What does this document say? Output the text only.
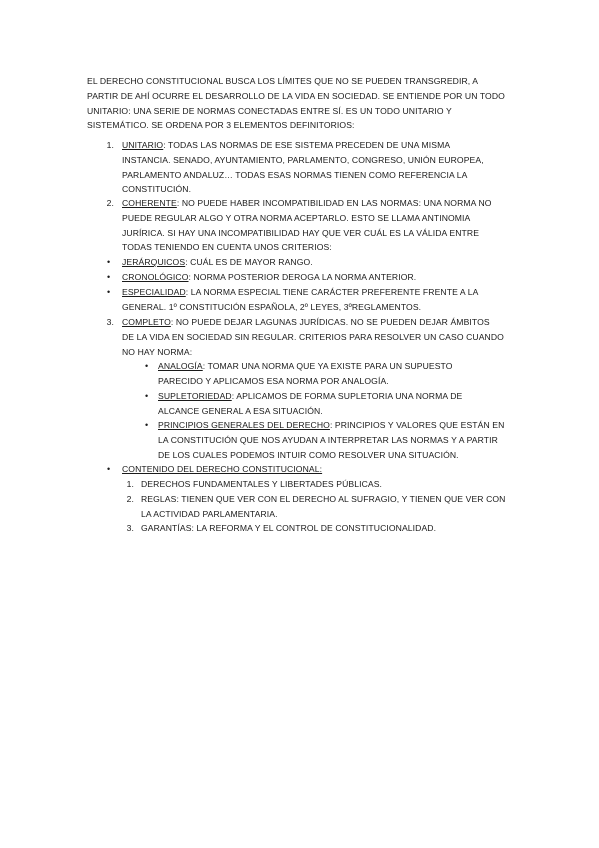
EL DERECHO CONSTITUCIONAL BUSCA LOS LÍMITES QUE NO SE PUEDEN TRANSGREDIR, A

PARTIR DE AHÍ OCURRE EL DESARROLLO DE LA VIDA EN SOCIEDAD. SE ENTIENDE POR UN TODO

UNITARIO: UNA SERIE DE NORMAS CONECTADAS ENTRE SÍ. ES UN TODO UNITARIO Y

SISTEMÁTICO. SE ORDENA POR 3 ELEMENTOS DEFINITORIOS:

1. UNITARIO: TODAS LAS NORMAS DE ESE SISTEMA PRECEDEN DE UNA MISMA

INSTANCIA. SENADO, AYUNTAMIENTO, PARLAMENTO, CONGRESO, UNIÓN EUROPEA,

PARLAMENTO ANDALUZ… TODAS ESAS NORMAS TIENEN COMO REFERENCIA LA

CONSTITUCIÓN.

2. COHERENTE: NO PUEDE HABER INCOMPATIBILIDAD EN LAS NORMAS: UNA NORMA NO

PUEDE REGULAR ALGO Y OTRA NORMA ACEPTARLO. ESTO SE LLAMA ANTINOMIA

JURÍRICA. SI HAY UNA INCOMPATIBILIDAD HAY QUE VER CUÁL ES LA VÁLIDA ENTRE

TODAS TENIENDO EN CUENTA UNOS CRITERIOS:

• JERÁRQUICOS: CUÁL ES DE MAYOR RANGO.

• CRONOLÓGICO: NORMA POSTERIOR DEROGA LA NORMA ANTERIOR.

• ESPECIALIDAD: LA NORMA ESPECIAL TIENE CARÁCTER PREFERENTE FRENTE A LA

GENERAL. 1º CONSTITUCIÓN ESPAÑOLA, 2º LEYES, 3ºREGLAMENTOS.

3. COMPLETO: NO PUEDE DEJAR LAGUNAS JURÍDICAS. NO SE PUEDEN DEJAR ÁMBITOS

DE LA VIDA EN SOCIEDAD SIN REGULAR. CRITERIOS PARA RESOLVER UN CASO CUANDO

NO HAY NORMA:

• ANALOGÍA: TOMAR UNA NORMA QUE YA EXISTE PARA UN SUPUESTO

PARECIDO Y APLICAMOS ESA NORMA POR ANALOGÍA.

• SUPLETORIEDAD: APLICAMOS DE FORMA SUPLETORIA UNA NORMA DE

ALCANCE GENERAL A ESA SITUACIÓN.

• PRINCIPIOS GENERALES DEL DERECHO: PRINCIPIOS Y VALORES QUE ESTÁN EN

LA CONSTITUCIÓN QUE NOS AYUDAN A INTERPRETAR LAS NORMAS Y A PARTIR

DE LOS CUALES PODEMOS INTUIR COMO RESOLVER UNA SITUACIÓN.

• CONTENIDO DEL DERECHO CONSTITUCIONAL:

1. DERECHOS FUNDAMENTALES Y LIBERTADES PÚBLICAS.

2. REGLAS: TIENEN QUE VER CON EL DERECHO AL SUFRAGIO, Y TIENEN QUE VER CON

LA ACTIVIDAD PARLAMENTARIA.

3. GARANTÍAS: LA REFORMA Y EL CONTROL DE CONSTITUCIONALIDAD.
